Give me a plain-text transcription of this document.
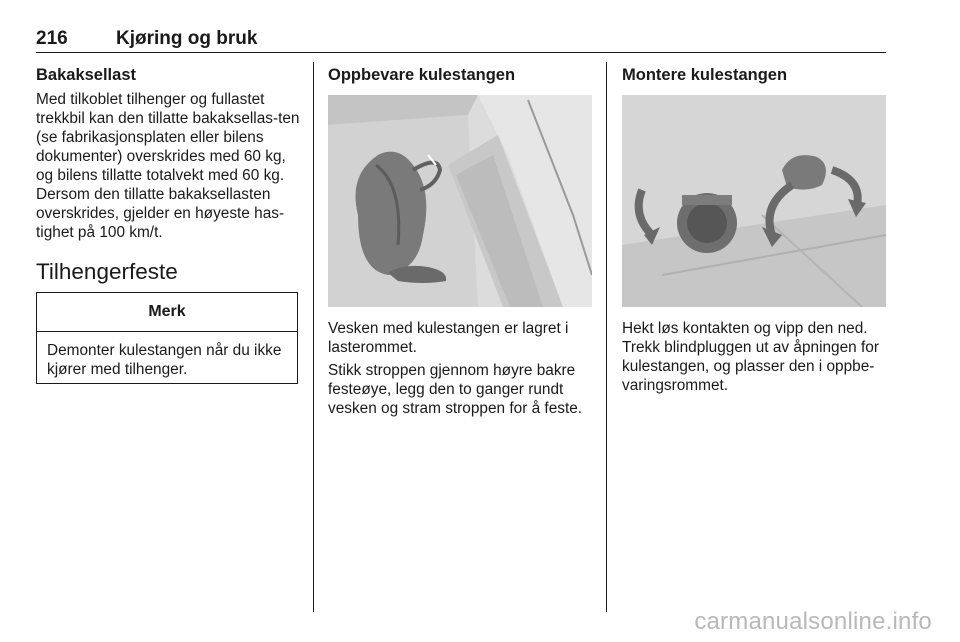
216	Kjøring og bruk
Bakaksellast

Med tilkoblet tilhenger og fullastet trekkbil kan den tillatte bakaksellas-ten (se fabrikasjonsplaten eller bilens dokumenter) overskrides med 60 kg, og bilens tillatte totalvekt med 60 kg. Dersom den tillatte bakaksellasten overskrides, gjelder en høyeste has-tighet på 100 km/t.

Tilhengerfeste
Merk
Demonter kulestangen når du ikke kjører med tilhenger.
Oppbevare kulestangen

Vesken med kulestangen er lagret i lasterommet.

Stikk stroppen gjennom høyre bakre festeøye, legg den to ganger rundt vesken og stram stroppen for å feste.

Montere kulestangen

Hekt løs kontakten og vipp den ned. Trekk blindpluggen ut av åpningen for kulestangen, og plasser den i oppbe-varingsrommet.

carmanualsonline.info
